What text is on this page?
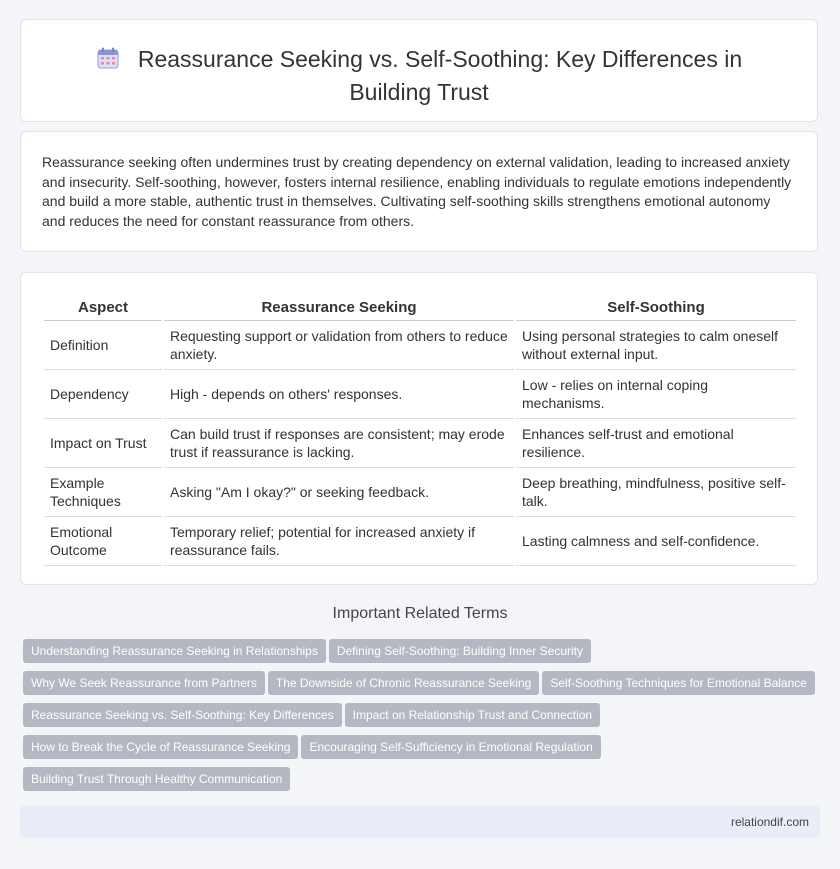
Reassurance Seeking vs. Self-Soothing: Key Differences in
Building Trust

Reassurance seeking often undermines trust by creating dependency on external validation, leading to increased anxiety and insecurity. Self-soothing, however, fosters internal resilience, enabling individuals to regulate emotions independently and build a more stable, authentic trust in themselves. Cultivating self-soothing skills strengthens emotional autonomy and reduces the need for constant reassurance from others.

Aspect	Reassurance Seeking	Self-Soothing
Definition	Requesting support or validation from others to reduce anxiety.	Using personal strategies to calm oneself without external input.
Dependency	High - depends on others' responses.	Low - relies on internal coping mechanisms.
Impact on Trust	Can build trust if responses are consistent; may erode trust if reassurance is lacking.	Enhances self-trust and emotional resilience.
Example Techniques	Asking "Am I okay?" or seeking feedback.	Deep breathing, mindfulness, positive self-talk.
Emotional Outcome	Temporary relief; potential for increased anxiety if reassurance fails.	Lasting calmness and self-confidence.
Important Related Terms
Understanding Reassurance Seeking in Relationships Defining Self-Soothing: Building Inner Security
Why We Seek Reassurance from Partners The Downside of Chronic Reassurance Seeking Self-Soothing Techniques for Emotional Balance
Reassurance Seeking vs. Self-Soothing: Key Differences Impact on Relationship Trust and Connection
How to Break the Cycle of Reassurance Seeking Encouraging Self-Sufficiency in Emotional Regulation
Building Trust Through Healthy Communication
relationdif.com
